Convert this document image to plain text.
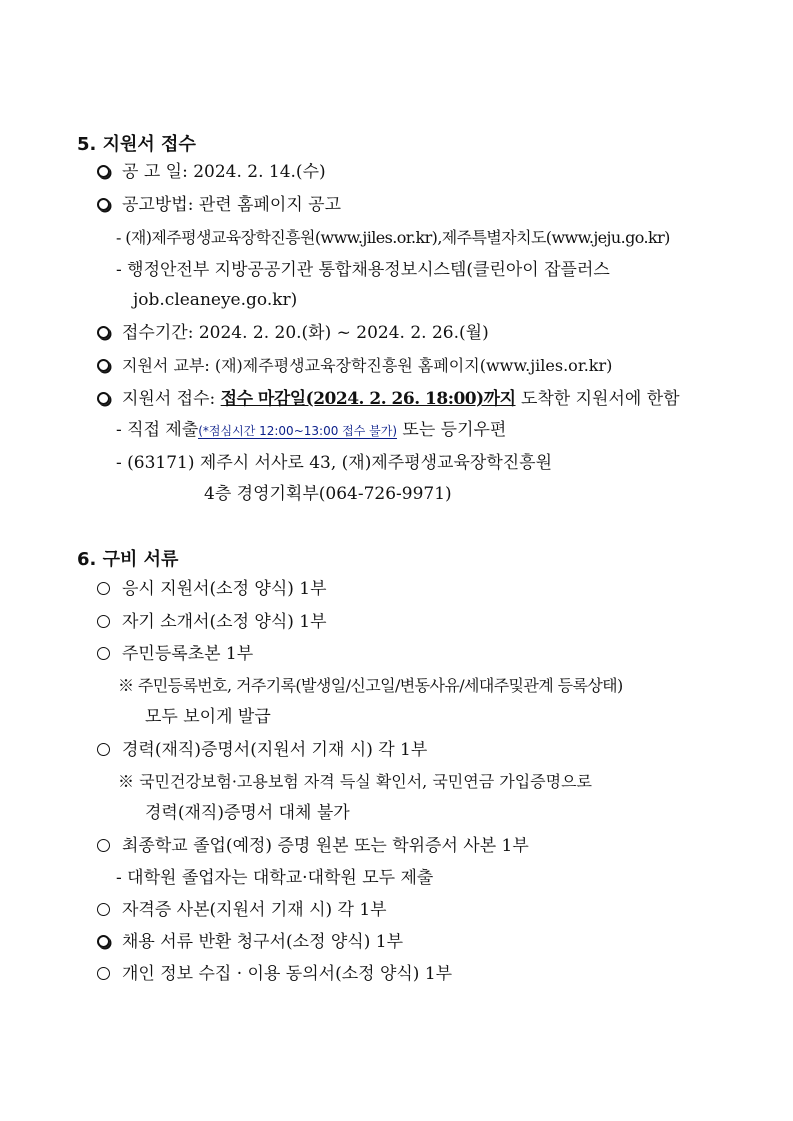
5. 지원서 접수
공 고 일: 2024. 2. 14.(수)
공고방법: 관련 홈페이지 공고
- (재)제주평생교육장학진흥원(www.jiles.or.kr),제주특별자치도(www.jeju.go.kr)
- 행정안전부 지방공공기관 통합채용정보시스템(클린아이 잡플러스
job.cleaneye.go.kr)
접수기간: 2024. 2. 20.(화) ~ 2024. 2. 26.(월)
지원서 교부: (재)제주평생교육장학진흥원 홈페이지(www.jiles.or.kr)
지원서 접수: 접수 마감일(2024. 2. 26. 18:00)까지 도착한 지원서에 한함
- 직접 제출(*점심시간 12:00~13:00 접수 불가) 또는 등기우편
- (63171) 제주시 서사로 43, (재)제주평생교육장학진흥원
4층 경영기획부(064-726-9971)
6. 구비 서류
응시 지원서(소정 양식) 1부
자기 소개서(소정 양식) 1부
주민등록초본 1부
※ 주민등록번호, 거주기록(발생일/신고일/변동사유/세대주및관계 등록상태)
모두 보이게 발급
경력(재직)증명서(지원서 기재 시) 각 1부
※ 국민건강보험·고용보험 자격 득실 확인서, 국민연금 가입증명으로
경력(재직)증명서 대체 불가
최종학교 졸업(예정) 증명 원본 또는 학위증서 사본 1부
- 대학원 졸업자는 대학교·대학원 모두 제출
자격증 사본(지원서 기재 시) 각 1부
채용 서류 반환 청구서(소정 양식) 1부
개인 정보 수집 · 이용 동의서(소정 양식) 1부
